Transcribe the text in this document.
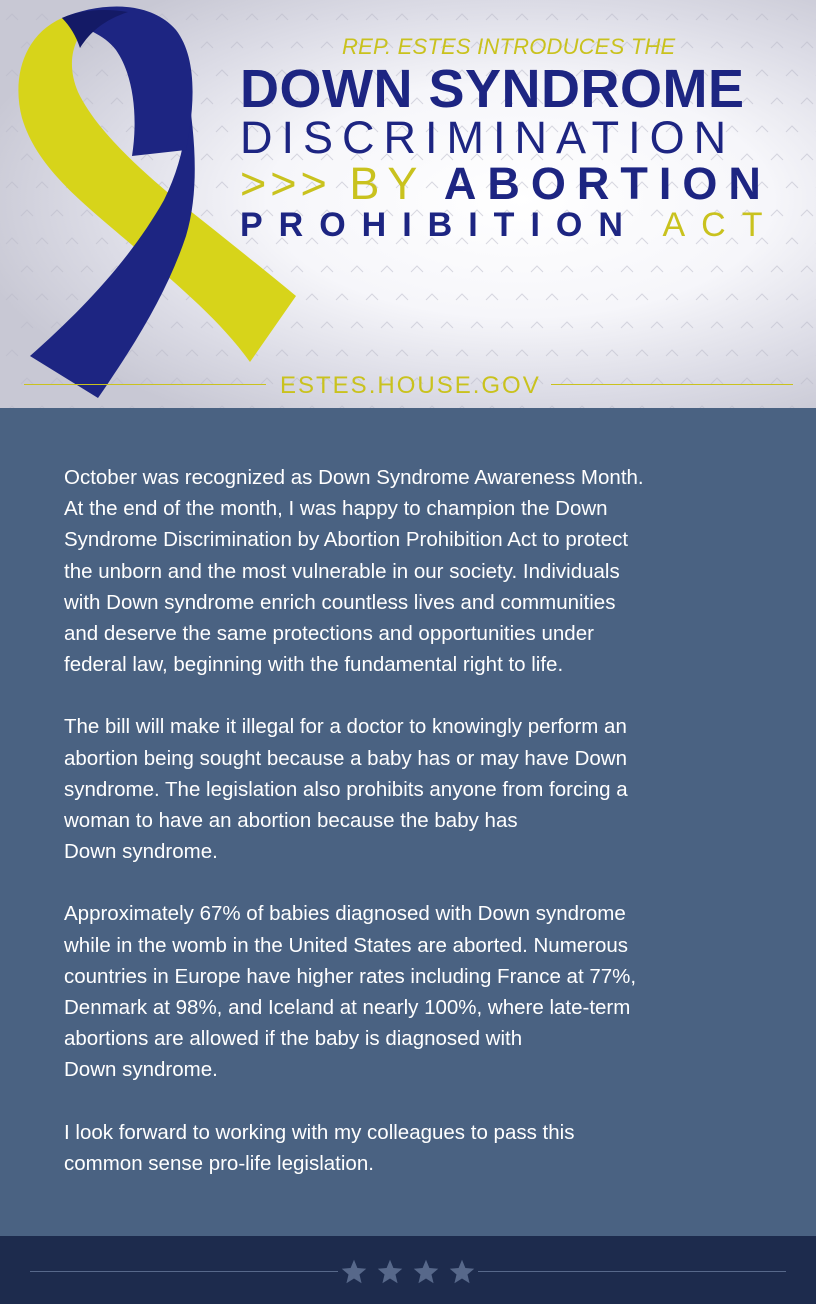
REP. ESTES INTRODUCES THE

DOWN SYNDROME

DISCRIMINATION

>>> BY ABORTION

PROHIBITION ACT

ESTES.HOUSE.GOV

October was recognized as Down Syndrome Awareness Month.
At the end of the month, I was happy to champion the Down
Syndrome Discrimination by Abortion Prohibition Act to protect
the unborn and the most vulnerable in our society. Individuals
with Down syndrome enrich countless lives and communities
and deserve the same protections and opportunities under
federal law, beginning with the fundamental right to life.

The bill will make it illegal for a doctor to knowingly perform an
abortion being sought because a baby has or may have Down
syndrome. The legislation also prohibits anyone from forcing a
woman to have an abortion because the baby has
Down syndrome.

Approximately 67% of babies diagnosed with Down syndrome
while in the womb in the United States are aborted. Numerous
countries in Europe have higher rates including France at 77%,
Denmark at 98%, and Iceland at nearly 100%, where late-term
abortions are allowed if the baby is diagnosed with
Down syndrome.

I look forward to working with my colleagues to pass this
common sense pro-life legislation.
